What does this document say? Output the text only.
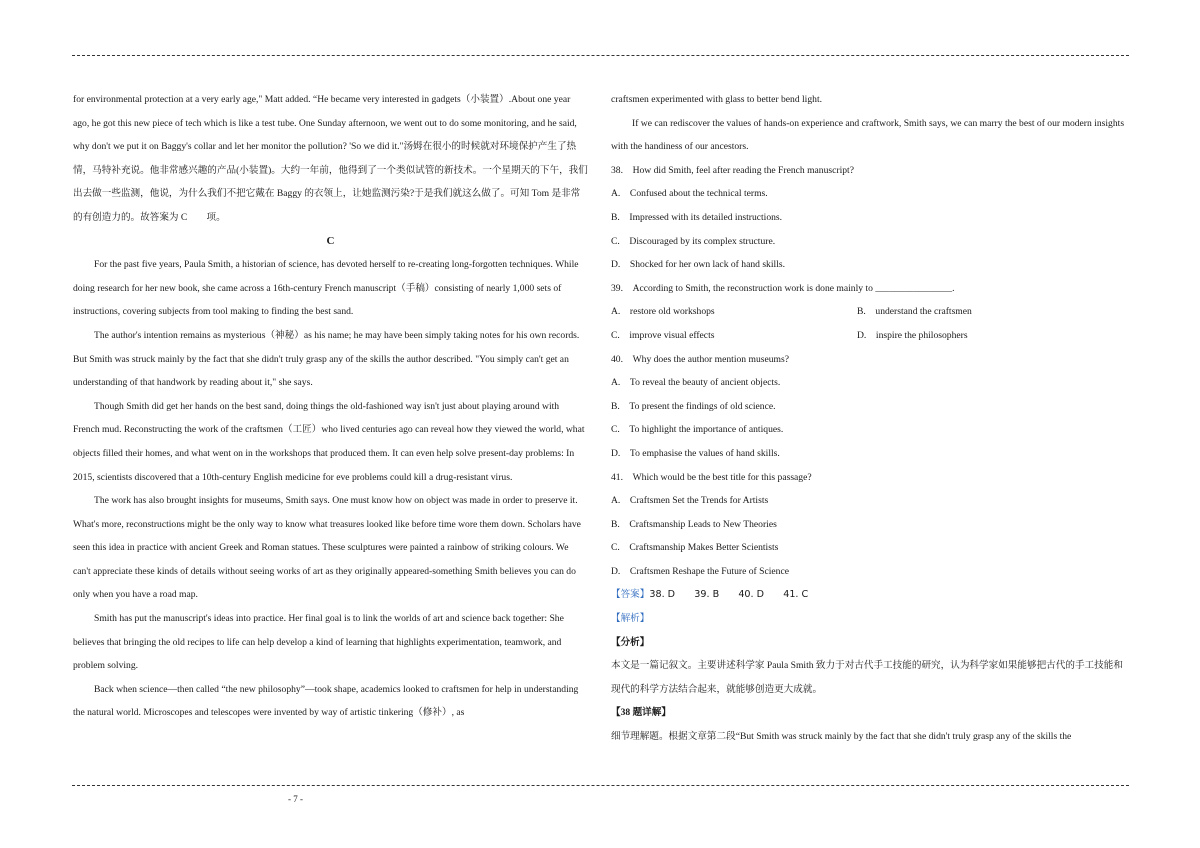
for environmental protection at a very early age," Matt added. “He became very interested in gadgets（小装置）.About one year ago, he got this new piece of tech which is like a test tube. One Sunday afternoon, we went out to do some monitoring, and he said, why don't we put it on Baggy's collar and let her monitor the pollution? 'So we did it."汤姆在很小的时候就对环境保护产生了热情，马特补充说。他非常感兴趣的产品(小装置)。大约一年前，他得到了一个类似试管的新技术。一个星期天的下午，我们出去做一些监测，他说，为什么我们不把它戴在 Baggy 的衣领上，让她监测污染?于是我们就这么做了。可知 Tom 是非常的有创造力的。故答案为 C　　项。

C

For the past five years, Paula Smith, a historian of science, has devoted herself to re-creating long-forgotten techniques. While doing research for her new book, she came across a 16th-century French manuscript（手稿）consisting of nearly 1,000 sets of instructions, covering subjects from tool making to finding the best sand.

The author's intention remains as mysterious（神秘）as his name; he may have been simply taking notes for his own records. But Smith was struck mainly by the fact that she didn't truly grasp any of the skills the author described. "You simply can't get an understanding of that handwork by reading about it," she says.

Though Smith did get her hands on the best sand, doing things the old-fashioned way isn't just about playing around with French mud. Reconstructing the work of the craftsmen（工匠）who lived centuries ago can reveal how they viewed the world, what objects filled their homes, and what went on in the workshops that produced them. It can even help solve present-day problems: In 2015, scientists discovered that a 10th-century English medicine for eve problems could kill a drug-resistant virus.

The work has also brought insights for museums, Smith says. One must know how on object was made in order to preserve it. What's more, reconstructions might be the only way to know what treasures looked like before time wore them down. Scholars have seen this idea in practice with ancient Greek and Roman statues. These sculptures were painted a rainbow of striking colours. We can't appreciate these kinds of details without seeing works of art as they originally appeared-something Smith believes you can do only when you have a road map.

Smith has put the manuscript's ideas into practice. Her final goal is to link the worlds of art and science back together: She believes that bringing the old recipes to life can help develop a kind of learning that highlights experimentation, teamwork, and problem solving.

Back when science—then called “the new philosophy”—took shape, academics looked to craftsmen for help in understanding the natural world. Microscopes and telescopes were invented by way of artistic tinkering（修补）, as

craftsmen experimented with glass to better bend light.

If we can rediscover the values of hands-on experience and craftwork, Smith says, we can marry the best of our modern insights with the handiness of our ancestors.

38.　How did Smith, feel after reading the French manuscript?

A.　Confused about the technical terms.

B.　Impressed with its detailed instructions.

C.　Discouraged by its complex structure.

D.　Shocked for her own lack of hand skills.

39.　According to Smith, the reconstruction work is done mainly to ________________.

A.　restore old workshops	B.　understand the craftsmen
C.　improve visual effects	D.　inspire the philosophers

40.　Why does the author mention museums?

A.　To reveal the beauty of ancient objects.

B.　To present the findings of old science.

C.　To highlight the importance of antiques.

D.　To emphasise the values of hand skills.

41.　Which would be the best title for this passage?

A.　Craftsmen Set the Trends for Artists

B.　Craftsmanship Leads to New Theories

C.　Craftsmanship Makes Better Scientists

D.　Craftsmen Reshape the Future of Science

【答案】38. D　　39. B　　40. D　　41. C

【解析】

【分析】

本文是一篇记叙文。主要讲述科学家 Paula Smith 致力于对古代手工技能的研究，认为科学家如果能够把古代的手工技能和现代的科学方法结合起来，就能够创造更大成就。

【38 题详解】

细节理解题。根据文章第二段“But Smith was struck mainly by the fact that she didn't truly grasp any of the skills the

- 7 -
